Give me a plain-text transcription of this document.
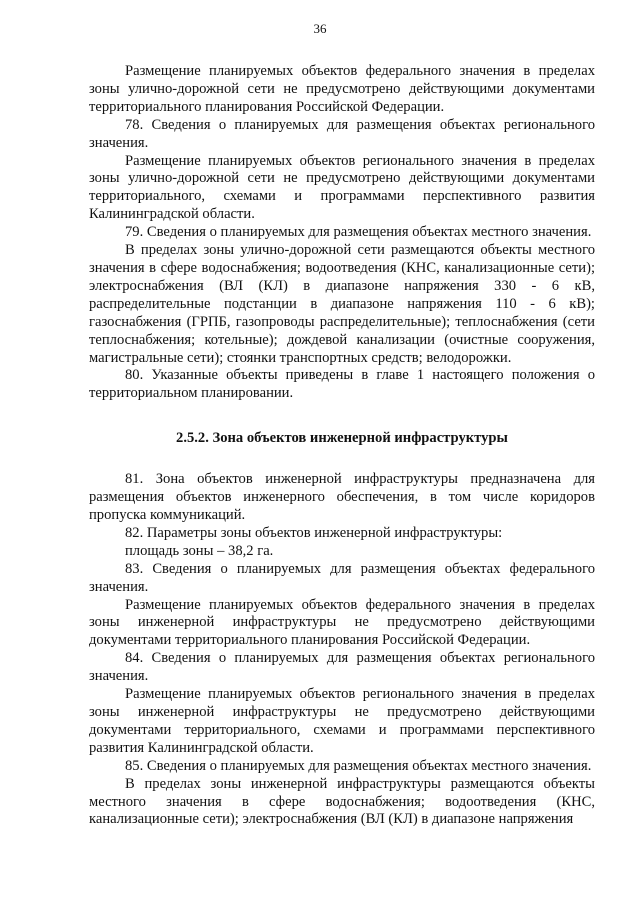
36

Размещение планируемых объектов федерального значения в пределах зоны улично-дорожной сети не предусмотрено действующими документами территориального планирования Российской Федерации.

78. Сведения о планируемых для размещения объектах регионального значения.

Размещение планируемых объектов регионального значения в пределах зоны улично-дорожной сети не предусмотрено действующими документами территориального, схемами и программами перспективного развития Калининградской области.

79. Сведения о планируемых для размещения объектах местного значения.

В пределах зоны улично-дорожной сети размещаются объекты местного значения в сфере водоснабжения; водоотведения (КНС, канализационные сети); электроснабжения (ВЛ (КЛ) в диапазоне напряжения 330 - 6 кВ, распределительные подстанции в диапазоне напряжения 110 - 6 кВ); газоснабжения (ГРПБ, газопроводы распределительные); теплоснабжения (сети теплоснабжения; котельные); дождевой канализации (очистные сооружения, магистральные сети); стоянки транспортных средств; велодорожки.

80. Указанные объекты приведены в главе 1 настоящего положения о территориальном планировании.

2.5.2. Зона объектов инженерной инфраструктуры

81. Зона объектов инженерной инфраструктуры предназначена для размещения объектов инженерного обеспечения, в том числе коридоров пропуска коммуникаций.

82. Параметры зоны объектов инженерной инфраструктуры:

площадь зоны – 38,2 га.

83. Сведения о планируемых для размещения объектах федерального значения.

Размещение планируемых объектов федерального значения в пределах зоны инженерной инфраструктуры не предусмотрено действующими документами территориального планирования Российской Федерации.

84. Сведения о планируемых для размещения объектах регионального значения.

Размещение планируемых объектов регионального значения в пределах зоны инженерной инфраструктуры не предусмотрено действующими документами территориального, схемами и программами перспективного развития Калининградской области.

85. Сведения о планируемых для размещения объектах местного значения.

В пределах зоны инженерной инфраструктуры размещаются объекты местного значения в сфере водоснабжения; водоотведения (КНС, канализационные сети); электроснабжения (ВЛ (КЛ) в диапазоне напряжения
